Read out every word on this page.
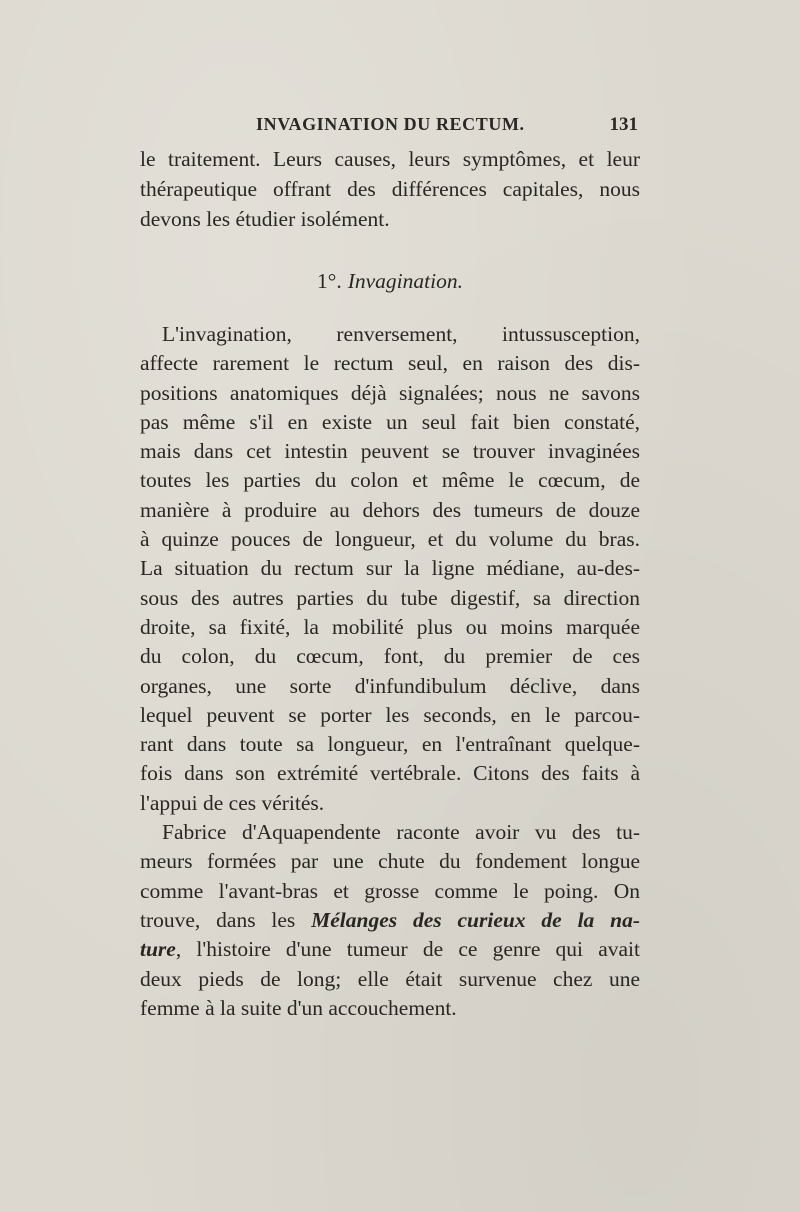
INVAGINATION DU RECTUM.	131
le traitement. Leurs causes, leurs symptômes, et leur
thérapeutique offrant des différences capitales, nous
devons les étudier isolément.
1°. Invagination.
L'invagination, renversement, intussusception,
affecte rarement le rectum seul, en raison des dis-
positions anatomiques déjà signalées; nous ne savons
pas même s'il en existe un seul fait bien constaté,
mais dans cet intestin peuvent se trouver invaginées
toutes les parties du colon et même le cœcum, de
manière à produire au dehors des tumeurs de douze
à quinze pouces de longueur, et du volume du bras.
La situation du rectum sur la ligne médiane, au-des-
sous des autres parties du tube digestif, sa direction
droite, sa fixité, la mobilité plus ou moins marquée
du colon, du cœcum, font, du premier de ces
organes, une sorte d'infundibulum déclive, dans
lequel peuvent se porter les seconds, en le parcou-
rant dans toute sa longueur, en l'entraînant quelque-
fois dans son extrémité vertébrale. Citons des faits à
l'appui de ces vérités.
Fabrice d'Aquapendente raconte avoir vu des tu-
meurs formées par une chute du fondement longue
comme l'avant-bras et grosse comme le poing. On
trouve, dans les Mélanges des curieux de la na-
ture, l'histoire d'une tumeur de ce genre qui avait
deux pieds de long; elle était survenue chez une
femme à la suite d'un accouchement.
